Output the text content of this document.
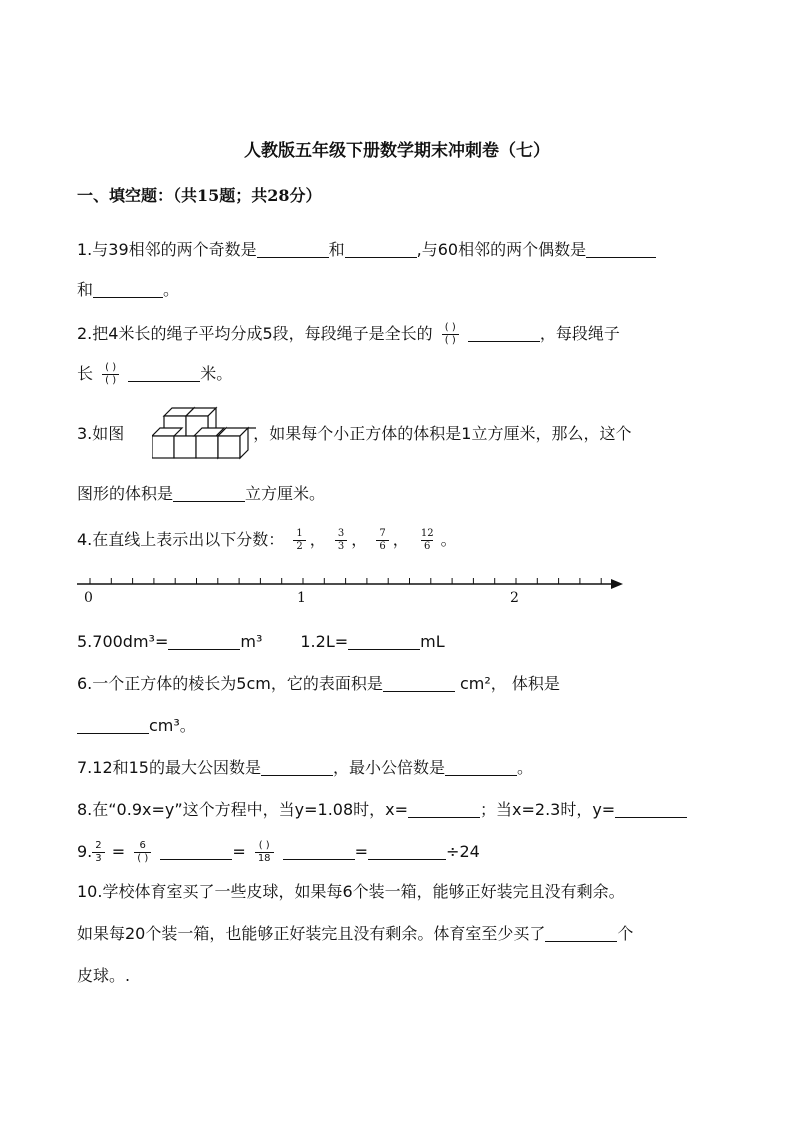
人教版五年级下册数学期末冲刺卷（七）
一、填空题：（共15题；共28分）
1.与39相邻的两个奇数是	和	,与60相邻的两个偶数是
和	。
2.把4米长的绳子平均分成5段，每段绳子是全长的 $\frac{( )}{( )}$	，每段绳子
长 $\frac{( )}{( )}$	米。
3.如图	，如果每个小正方体的体积是1立方厘米，那么，这个
图形的体积是	立方厘米。
4.在直线上表示出以下分数： $\frac{1}{2}$ ， $\frac{3}{3}$ ， $\frac{7}{6}$ ， $\frac{12}{6}$ 。
0	1	2
5.700dm³=	m³ 1.2L=	mL
6.一个正方体的棱长为5cm，它的表面积是	cm²， 体积是
cm³。
7.12和15的最大公因数是	，最小公倍数是	。
8.在“0.9x=y”这个方程中，当y=1.08时，x=	；当x=2.3时，y=
9. $\frac{2}{3} = \frac{6}{( )}$	= $\frac{( )}{18}$	=	÷24
10.学校体育室买了一些皮球，如果每6个装一箱，能够正好装完且没有剩余。
如果每20个装一箱，也能够正好装完且没有剩余。体育室至少买了	个
皮球。.
